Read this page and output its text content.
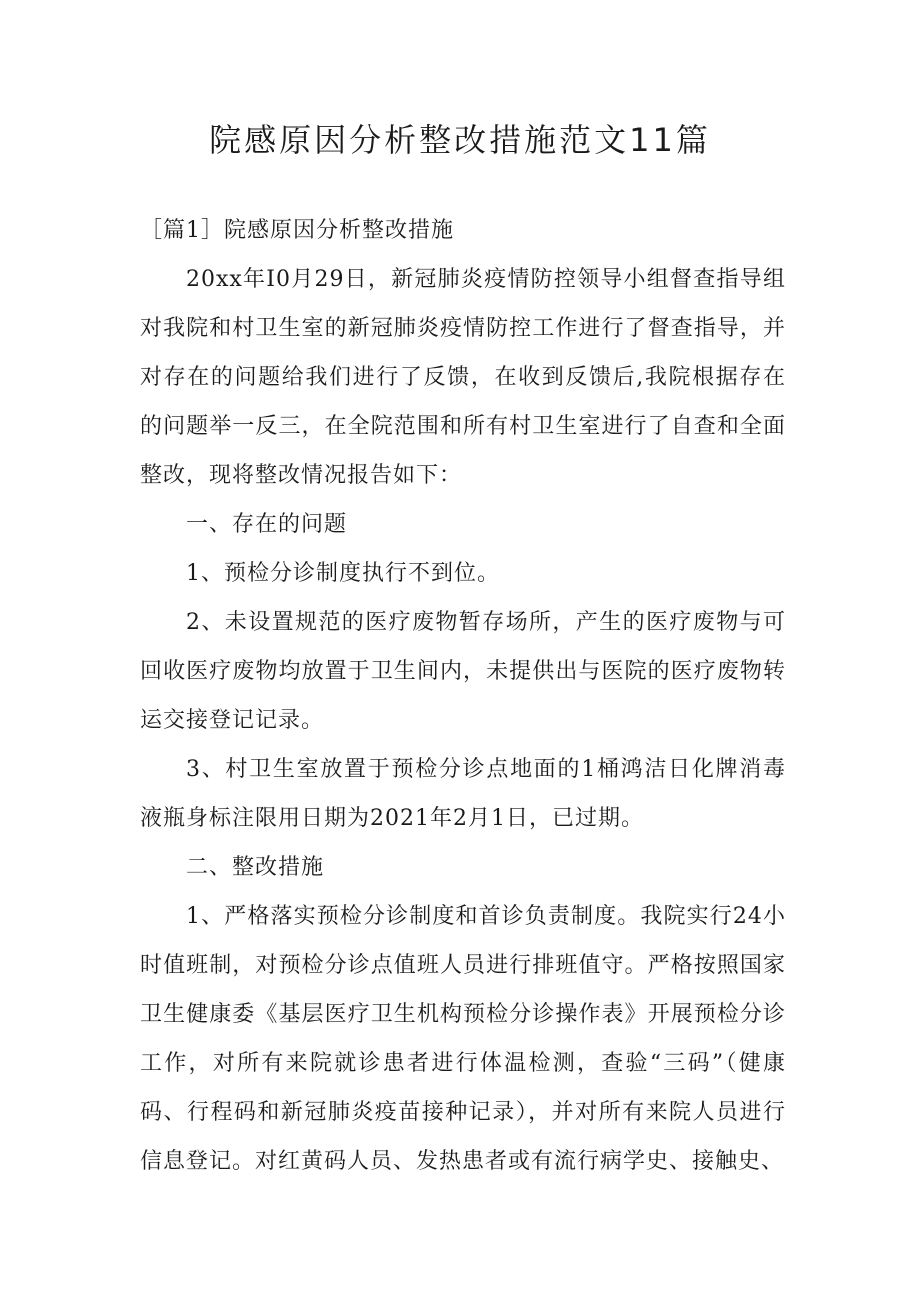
院感原因分析整改措施范文11篇

［篇1］院感原因分析整改措施

20xx年I0月29日，新冠肺炎疫情防控领导小组督查指导组对我院和村卫生室的新冠肺炎疫情防控工作进行了督查指导，并对存在的问题给我们进行了反馈，在收到反馈后,我院根据存在的问题举一反三，在全院范围和所有村卫生室进行了自查和全面整改，现将整改情况报告如下：

一、存在的问题

1、预检分诊制度执行不到位。

2、未设置规范的医疗废物暂存场所，产生的医疗废物与可回收医疗废物均放置于卫生间内，未提供出与医院的医疗废物转运交接登记记录。

3、村卫生室放置于预检分诊点地面的1桶鸿洁日化牌消毒液瓶身标注限用日期为2021年2月1日，已过期。

二、整改措施

1、严格落实预检分诊制度和首诊负责制度。我院实行24小时值班制，对预检分诊点值班人员进行排班值守。严格按照国家卫生健康委《基层医疗卫生机构预检分诊操作表》开展预检分诊工作，对所有来院就诊患者进行体温检测，查验“三码”（健康码、行程码和新冠肺炎疫苗接种记录），并对所有来院人员进行信息登记。对红黄码人员、发热患者或有流行病学史、接触史、
